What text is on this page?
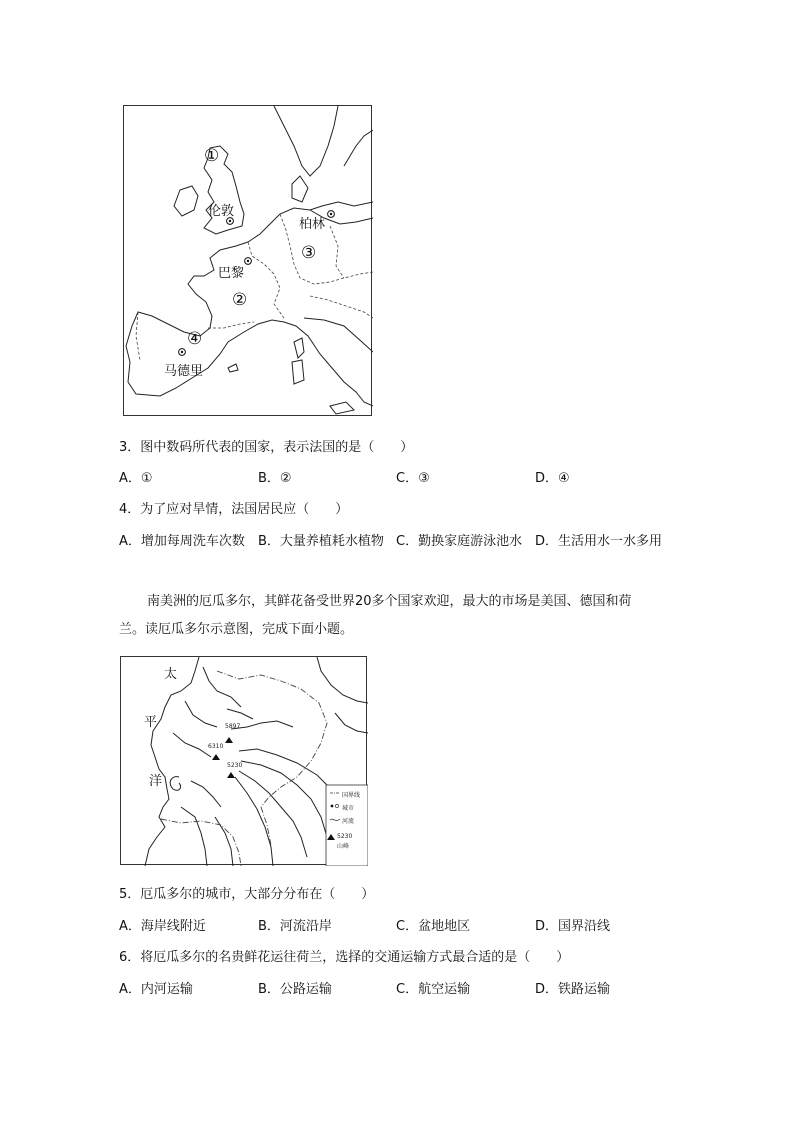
①
伦敦
柏林
③
巴黎
②
④
马德里
3．图中数码所代表的国家，表示法国的是（　　）
A．①	B．②	C．③	D．④
4．为了应对旱情，法国居民应（　　）
A．增加每周洗车次数 B．大量养植耗水植物 C．勤换家庭游泳池水 D．生活用水一水多用
南美洲的厄瓜多尔，其鲜花备受世界20多个国家欢迎，最大的市场是美国、德国和荷
兰。读厄瓜多尔示意图，完成下面小题。
太
平
洋
5897
6310
5230
国界线
城市
河流
5230
山峰
5．厄瓜多尔的城市，大部分分布在（　　）
A．海岸线附近	B．河流沿岸	C．盆地地区	D．国界沿线
6．将厄瓜多尔的名贵鲜花运往荷兰，选择的交通运输方式最合适的是（　　）
A．内河运输	B．公路运输	C．航空运输	D．铁路运输
